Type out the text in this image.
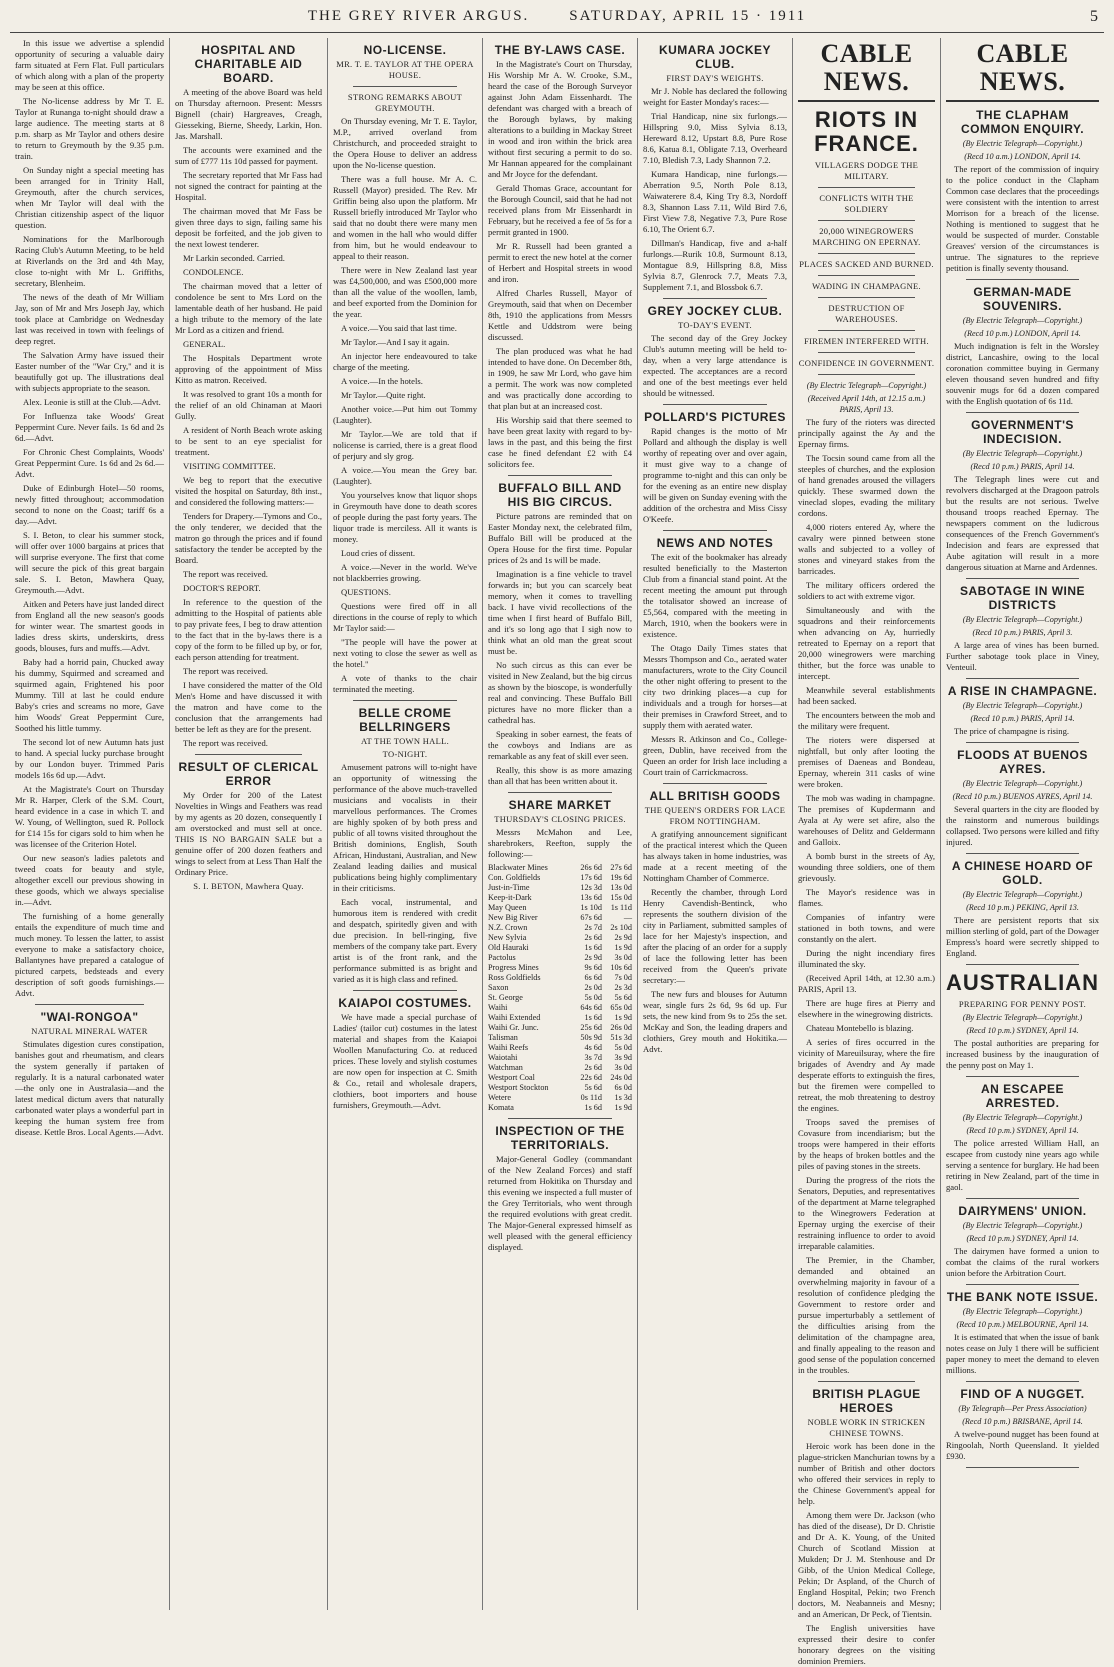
THE GREY RIVER ARGUS.	SATURDAY, APRIL 15 · 1911	5

In this issue we advertise a splendid opportunity of securing a valuable dairy farm situated at Fern Flat. Full particulars of which along with a plan of the property may be seen at this office.

The No-license address by Mr T. E. Taylor at Runanga to-night should draw a large audience. The meeting starts at 8 p.m. sharp as Mr Taylor and others desire to return to Greymouth by the 9.35 p.m. train.

On Sunday night a special meeting has been arranged for in Trinity Hall, Greymouth, after the church services, when Mr Taylor will deal with the Christian citizenship aspect of the liquor question.

Nominations for the Marlborough Racing Club's Autumn Meeting, to be held at Riverlands on the 3rd and 4th May, close to-night with Mr L. Griffiths, secretary, Blenheim.

The news of the death of Mr William Jay, son of Mr and Mrs Joseph Jay, which took place at Cambridge on Wednesday last was received in town with feelings of deep regret.

The Salvation Army have issued their Easter number of the "War Cry," and it is beautifully got up. The illustrations deal with subjects appropriate to the season.

Alex. Leonie is still at the Club.—Advt.

For Influenza take Woods' Great Peppermint Cure. Never fails. 1s 6d and 2s 6d.—Advt.

For Chronic Chest Complaints, Woods' Great Peppermint Cure. 1s 6d and 2s 6d.—Advt.

Duke of Edinburgh Hotel—50 rooms, newly fitted throughout; accommodation second to none on the Coast; tariff 6s a day.—Advt.

S. I. Beton, to clear his summer stock, will offer over 1000 bargains at prices that will surprise everyone. The first that come will secure the pick of this great bargain sale. S. I. Beton, Mawhera Quay, Greymouth.—Advt.

Aitken and Peters have just landed direct from England all the new season's goods for winter wear. The smartest goods in ladies dress skirts, underskirts, dress goods, blouses, furs and muffs.—Advt.

Baby had a horrid pain, Chucked away his dummy, Squirmed and screamed and squirmed again, Frightened his poor Mummy. Till at last he could endure Baby's cries and screams no more, Gave him Woods' Great Peppermint Cure, Soothed his little tummy.

The second lot of new Autumn hats just to hand. A special lucky purchase brought by our London buyer. Trimmed Paris models 16s 6d up.—Advt.

At the Magistrate's Court on Thursday Mr R. Harper, Clerk of the S.M. Court, heard evidence in a case in which T. and W. Young, of Wellington, sued R. Pollock for £14 15s for cigars sold to him when he was licensee of the Criterion Hotel.

Our new season's ladies paletots and tweed coats for beauty and style, altogether excell our previous showing in these goods, which we always specialise in.—Advt.

The furnishing of a home generally entails the expenditure of much time and much money. To lessen the latter, to assist everyone to make a satisfactory choice, Ballantynes have prepared a catalogue of pictured carpets, bedsteads and every description of soft goods furnishings.—Advt.

"WAI-RONGOA"
NATURAL MINERAL WATER

Stimulates digestion cures constipation, banishes gout and rheumatism, and clears the system generally if partaken of regularly. It is a natural carbonated water—the only one in Australasia—and the latest medical dictum avers that naturally carbonated water plays a wonderful part in keeping the human system free from disease. Kettle Bros. Local Agents.—Advt.

HOSPITAL AND CHARITABLE AID BOARD.

A meeting of the above Board was held on Thursday afternoon. Present: Messrs Bignell (chair) Hargreaves, Creagh, Giesseking, Bierne, Sheedy, Larkin, Hon. Jas. Marshall.

The accounts were examined and the sum of £777 11s 10d passed for payment.

The secretary reported that Mr Fass had not signed the contract for painting at the Hospital.

The chairman moved that Mr Fass be given three days to sign, failing same his deposit be forfeited, and the job given to the next lowest tenderer.

Mr Larkin seconded. Carried.

CONDOLENCE.

The chairman moved that a letter of condolence be sent to Mrs Lord on the lamentable death of her husband. He paid a high tribute to the memory of the late Mr Lord as a citizen and friend.

GENERAL.

The Hospitals Department wrote approving of the appointment of Miss Kitto as matron. Received.

It was resolved to grant 10s a month for the relief of an old Chinaman at Maori Gully.

A resident of North Beach wrote asking to be sent to an eye specialist for treatment.

VISITING COMMITTEE.

We beg to report that the executive visited the hospital on Saturday, 8th inst., and considered the following matters:—

Tenders for Drapery.—Tymons and Co., the only tenderer, we decided that the matron go through the prices and if found satisfactory the tender be accepted by the Board.

The report was received.

DOCTOR'S REPORT.

In reference to the question of the admitting to the Hospital of patients able to pay private fees, I beg to draw attention to the fact that in the by-laws there is a copy of the form to be filled up by, or for, each person attending for treatment.

The report was received.

I have considered the matter of the Old Men's Home and have discussed it with the matron and have come to the conclusion that the arrangements had better be left as they are for the present.

The report was received.

RESULT OF CLERICAL ERROR

My Order for 200 of the Latest Novelties in Wings and Feathers was read by my agents as 20 dozen, consequently I am overstocked and must sell at once. THIS IS NO BARGAIN SALE but a genuine offer of 200 dozen feathers and wings to select from at Less Than Half the Ordinary Price.

S. I. BETON, Mawhera Quay.
NO-LICENSE.
MR. T. E. TAYLOR AT THE OPERA HOUSE.
STRONG REMARKS ABOUT GREYMOUTH.

On Thursday evening, Mr T. E. Taylor, M.P., arrived overland from Christchurch, and proceeded straight to the Opera House to deliver an address upon the No-license question.

There was a full house. Mr A. C. Russell (Mayor) presided. The Rev. Mr Griffin being also upon the platform. Mr Russell briefly introduced Mr Taylor who said that no doubt there were many men and women in the hall who would differ from him, but he would endeavour to appeal to their reason.

There were in New Zealand last year was £4,500,000, and was £500,000 more than all the value of the woollen, lamb, and beef exported from the Dominion for the year.

A voice.—You said that last time.

Mr Taylor.—And I say it again.

An injector here endeavoured to take charge of the meeting.

A voice.—In the hotels.

Mr Taylor.—Quite right.

Another voice.—Put him out Tommy (Laughter).

Mr Taylor.—We are told that if nolicense is carried, there is a great flood of perjury and sly grog.

A voice.—You mean the Grey bar. (Laughter).

You yourselves know that liquor shops in Greymouth have done to death scores of people during the past forty years. The liquor trade is merciless. All it wants is money.

Loud cries of dissent.

A voice.—Never in the world. We've not blackberries growing.

QUESTIONS.

Questions were fired off in all directions in the course of reply to which Mr Taylor said:—

"The people will have the power at next voting to close the sewer as well as the hotel."

A vote of thanks to the chair terminated the meeting.

BELLE CROME BELLRINGERS
AT THE TOWN HALL.
TO-NIGHT.

Amusement patrons will to-night have an opportunity of witnessing the performance of the above much-travelled musicians and vocalists in their marvellous performances. The Cromes are highly spoken of by both press and public of all towns visited throughout the British dominions, English, South African, Hindustani, Australian, and New Zealand leading dailies and musical publications being highly complimentary in their criticisms.

Each vocal, instrumental, and humorous item is rendered with credit and despatch, spiritedly given and with due precision. In bell-ringing, five members of the company take part. Every artist is of the front rank, and the performance submitted is as bright and varied as it is high class and refined.

KAIAPOI COSTUMES.

We have made a special purchase of Ladies' (tailor cut) costumes in the latest material and shapes from the Kaiapoi Woollen Manufacturing Co. at reduced prices. These lovely and stylish costumes are now open for inspection at C. Smith & Co., retail and wholesale drapers, clothiers, boot importers and house furnishers, Greymouth.—Advt.

THE BY-LAWS CASE.

In the Magistrate's Court on Thursday, His Worship Mr A. W. Crooke, S.M., heard the case of the Borough Surveyor against John Adam Eissenhardt. The defendant was charged with a breach of the Borough bylaws, by making alterations to a building in Mackay Street in wood and iron within the brick area without first securing a permit to do so. Mr Hannan appeared for the complainant and Mr Joyce for the defendant.

Gerald Thomas Grace, accountant for the Borough Council, said that he had not received plans from Mr Eissenhardt in February, but he received a fee of 5s for a permit granted in 1900.

Mr R. Russell had been granted a permit to erect the new hotel at the corner of Herbert and Hospital streets in wood and iron.

Alfred Charles Russell, Mayor of Greymouth, said that when on December 8th, 1910 the applications from Messrs Kettle and Uddstrom were being discussed.

The plan produced was what he had intended to have done. On December 8th, in 1909, he saw Mr Lord, who gave him a permit. The work was now completed and was practically done according to that plan but at an increased cost.

His Worship said that there seemed to have been great laxity with regard to by-laws in the past, and this being the first case he fined defendant £2 with £4 solicitors fee.

BUFFALO BILL AND HIS BIG CIRCUS.

Picture patrons are reminded that on Easter Monday next, the celebrated film, Buffalo Bill will be produced at the Opera House for the first time. Popular prices of 2s and 1s will be made.

Imagination is a fine vehicle to travel forwards in; but you can scarcely beat memory, when it comes to travelling back. I have vivid recollections of the time when I first heard of Buffalo Bill, and it's so long ago that I sigh now to think what an old man the great scout must be.

No such circus as this can ever be visited in New Zealand, but the big circus as shown by the bioscope, is wonderfully real and convincing. These Buffalo Bill pictures have no more flicker than a cathedral has.

Speaking in sober earnest, the feats of the cowboys and Indians are as remarkable as any feat of skill ever seen.

Really, this show is as more amazing than all that has been written about it.

SHARE MARKET
THURSDAY'S CLOSING PRICES.

Messrs McMahon and Lee, sharebrokers, Reefton, supply the following:—

Blackwater Mines	26s 6d	27s 6d
Con. Goldfields	17s 6d	19s 6d
Just-in-Time	12s 3d	13s 0d
Keep-it-Dark	13s 6d	15s 0d
May Queen	1s 10d	1s 11d
New Big River	67s 6d	—
N.Z. Crown	2s 7d	2s 10d
New Sylvia	2s 6d	2s 9d
Old Hauraki	1s 6d	1s 9d
Pactolus	2s 9d	3s 0d
Progress Mines	9s 6d	10s 6d
Ross Goldfields	6s 6d	7s 0d
Saxon	2s 0d	2s 3d
St. George	5s 0d	5s 6d
Waihi	64s 6d	65s 0d
Waihi Extended	1s 6d	1s 9d
Waihi Gr. Junc.	25s 6d	26s 0d
Talisman	50s 9d	51s 3d
Waihi Reefs	4s 6d	5s 0d
Waiotahi	3s 7d	3s 9d
Watchman	2s 6d	3s 0d
Westport Coal	22s 6d	24s 0d
Westport Stockton	5s 6d	6s 0d
Wetere	0s 11d	1s 3d
Komata	1s 6d	1s 9d
INSPECTION OF THE TERRITORIALS.

Major-General Godley (commandant of the New Zealand Forces) and staff returned from Hokitika on Thursday and this evening we inspected a full muster of the Grey Territorials, who went through the required evolutions with great credit. The Major-General expressed himself as well pleased with the general efficiency displayed.

KUMARA JOCKEY CLUB.
FIRST DAY'S WEIGHTS.

Mr J. Noble has declared the following weight for Easter Monday's races:—

Trial Handicap, nine six furlongs.—Hillspring 9.0, Miss Sylvia 8.13, Hereward 8.12, Upstart 8.8, Pure Rose 8.6, Katua 8.1, Obligate 7.13, Overheard 7.10, Bledish 7.3, Lady Shannon 7.2.

Kumara Handicap, nine furlongs.—Aberration 9.5, North Pole 8.13, Waiwaterere 8.4, King Try 8.3, Nordoff 8.3, Shannon Lass 7.11, Wild Bird 7.6, First View 7.8, Negative 7.3, Pure Rose 6.10, The Orient 6.7.

Dillman's Handicap, five and a-half furlongs.—Rurik 10.8, Surmount 8.13, Montague 8.9, Hillspring 8.8, Miss Sylvia 8.7, Glenrock 7.7, Meats 7.3, Supplement 7.1, and Blossbok 6.7.

GREY JOCKEY CLUB.
TO-DAY'S EVENT.

The second day of the Grey Jockey Club's autumn meeting will be held to-day, when a very large attendance is expected. The acceptances are a record and one of the best meetings ever held should be witnessed.

POLLARD'S PICTURES

Rapid changes is the motto of Mr Pollard and although the display is well worthy of repeating over and over again, it must give way to a change of programme to-night and this can only be for the evening as an entire new display will be given on Sunday evening with the addition of the orchestra and Miss Cissy O'Keefe.

NEWS AND NOTES

The exit of the bookmaker has already resulted beneficially to the Masterton Club from a financial stand point. At the recent meeting the amount put through the totalisator showed an increase of £5,564, compared with the meeting in March, 1910, when the bookers were in existence.

The Otago Daily Times states that Messrs Thompson and Co., aerated water manufacturers, wrote to the City Council the other night offering to present to the city two drinking places—a cup for individuals and a trough for horses—at their premises in Crawford Street, and to supply them with aerated water.

Messrs R. Atkinson and Co., College-green, Dublin, have received from the Queen an order for Irish lace including a Court train of Carrickmacross.

ALL BRITISH GOODS
THE QUEEN'S ORDERS FOR LACE FROM NOTTINGHAM.

A gratifying announcement significant of the practical interest which the Queen has always taken in home industries, was made at a recent meeting of the Nottingham Chamber of Commerce.

Recently the chamber, through Lord Henry Cavendish-Bentinck, who represents the southern division of the city in Parliament, submitted samples of lace for her Majesty's inspection, and after the placing of an order for a supply of lace the following letter has been received from the Queen's private secretary:—

The new furs and blouses for Autumn wear, single furs 2s 6d, 9s 6d up. Fur sets, the new kind from 9s to 25s the set. McKay and Son, the leading drapers and clothiers, Grey mouth and Hokitika.—Advt.

CABLE NEWS.
RIOTS IN FRANCE.
VILLAGERS DODGE THE MILITARY.
CONFLICTS WITH THE SOLDIERY
20,000 WINEGROWERS MARCHING ON EPERNAY.
PLACES SACKED AND BURNED.
WADING IN CHAMPAGNE.
DESTRUCTION OF WAREHOUSES.
FIREMEN INTERFERED WITH.
CONFIDENCE IN GOVERNMENT.
(By Electric Telegraph—Copyright.)
(Received April 14th, at 12.15 a.m.) PARIS, April 13.

The fury of the rioters was directed principally against the Ay and the Epernay firms.

The Tocsin sound came from all the steeples of churches, and the explosion of hand grenades aroused the villagers quickly. These swarmed down the vineclad slopes, evading the military cordons.

4,000 rioters entered Ay, where the cavalry were pinned between stone walls and subjected to a volley of stones and vineyard stakes from the barricades.

The military officers ordered the soldiers to act with extreme vigor.

Simultaneously and with the squadrons and their reinforcements when advancing on Ay, hurriedly retreated to Epernay on a report that 20,000 winegrowers were marching thither, but the force was unable to intercept.

Meanwhile several establishments had been sacked.

The encounters between the mob and the military were frequent.

The rioters were dispersed at nightfall, but only after looting the premises of Daeneas and Bondeau, Epernay, wherein 311 casks of wine were broken.

The mob was wading in champagne. The premises of Kupdermann and Ayala at Ay were set afire, also the warehouses of Delitz and Geldermann and Galloix.

A bomb burst in the streets of Ay, wounding three soldiers, one of them grievously.

The Mayor's residence was in flames.

Companies of infantry were stationed in both towns, and were constantly on the alert.

During the night incendiary fires illuminated the sky.

(Received April 14th, at 12.30 a.m.) PARIS, April 13.

There are huge fires at Pierry and elsewhere in the winegrowing districts.

Chateau Montebello is blazing.

A series of fires occurred in the vicinity of Mareuilsuray, where the fire brigades of Avendry and Ay made desperate efforts to extinguish the fires, but the firemen were compelled to retreat, the mob threatening to destroy the engines.

Troops saved the premises of Covasure from incendiarism; but the troops were hampered in their efforts by the heaps of broken bottles and the piles of paving stones in the streets.

During the progress of the riots the Senators, Deputies, and representatives of the department at Marne telegraphed to the Winegrowers Federation at Epernay urging the exercise of their restraining influence to order to avoid irreparable calamities.

The Premier, in the Chamber, demanded and obtained an overwhelming majority in favour of a resolution of confidence pledging the Government to restore order and pursue imperturbably a settlement of the difficulties arising from the delimitation of the champagne area, and finally appealing to the reason and good sense of the population concerned in the troubles.

BRITISH PLAGUE HEROES
NOBLE WORK IN STRICKEN CHINESE TOWNS.

Heroic work has been done in the plague-stricken Manchurian towns by a number of British and other doctors who offered their services in reply to the Chinese Government's appeal for help.

Among them were Dr. Jackson (who has died of the disease), Dr D. Christie and Dr A. K. Young, of the United Church of Scotland Mission at Mukden; Dr J. M. Stenhouse and Dr Gibb, of the Union Medical College, Pekin; Dr Aspland, of the Church of England Hospital, Pekin; two French doctors, M. Neabanneis and Mesny; and an American, Dr Peck, of Tientsin.

The English universities have expressed their desire to confer honorary degrees on the visiting dominion Premiers.

CABLE NEWS.
THE CLAPHAM COMMON ENQUIRY.
(By Electric Telegraph—Copyright.)
(Recd 10 a.m.) LONDON, April 14.

The report of the commission of inquiry to the police conduct in the Clapham Common case declares that the proceedings were consistent with the intention to arrest Morrison for a breach of the license. Nothing is mentioned to suggest that he would be suspected of murder. Constable Greaves' version of the circumstances is untrue. The signatures to the reprieve petition is finally seventy thousand.

GERMAN-MADE SOUVENIRS.
(By Electric Telegraph—Copyright.)
(Recd 10 p.m.) LONDON, April 14.

Much indignation is felt in the Worsley district, Lancashire, owing to the local coronation committee buying in Germany eleven thousand seven hundred and fifty souvenir mugs for 6d a dozen compared with the English quotation of 6s 11d.

GOVERNMENT'S INDECISION.
(By Electric Telegraph—Copyright.)
(Recd 10 p.m.) PARIS, April 14.

The Telegraph lines were cut and revolvers discharged at the Dragoon patrols but the results are not serious. Twelve thousand troops reached Epernay. The newspapers comment on the ludicrous consequences of the French Government's Indecision and fears are expressed that Aube agitation will result in a more dangerous situation at Marne and Ardennes.

SABOTAGE IN WINE DISTRICTS
(By Electric Telegraph—Copyright.)
(Recd 10 p.m.) PARIS, April 3.

A large area of vines has been burned. Further sabotage took place in Viney, Venteuil.

A RISE IN CHAMPAGNE.
(By Electric Telegraph—Copyright.)
(Recd 10 p.m.) PARIS, April 14.

The price of champagne is rising.

FLOODS AT BUENOS AYRES.
(By Electric Telegraph—Copyright.)
(Recd 10 p.m.) BUENOS AYRES, April 14.

Several quarters in the city are flooded by the rainstorm and numerous buildings collapsed. Two persons were killed and fifty injured.

A CHINESE HOARD OF GOLD.
(By Electric Telegraph—Copyright.)
(Recd 10 p.m.) PEKING, April 13.

There are persistent reports that six million sterling of gold, part of the Dowager Empress's hoard were secretly shipped to England.

AUSTRALIAN
PREPARING FOR PENNY POST.
(By Electric Telegraph—Copyright.)
(Recd 10 p.m.) SYDNEY, April 14.

The postal authorities are preparing for increased business by the inauguration of the penny post on May 1.

AN ESCAPEE ARRESTED.
(By Electric Telegraph—Copyright.)
(Recd 10 p.m.) SYDNEY, April 14.

The police arrested William Hall, an escapee from custody nine years ago while serving a sentence for burglary. He had been retiring in New Zealand, part of the time in gaol.

DAIRYMENS' UNION.
(By Electric Telegraph—Copyright.)
(Recd 10 p.m.) SYDNEY, April 14.

The dairymen have formed a union to combat the claims of the rural workers union before the Arbitration Court.

THE BANK NOTE ISSUE.
(By Electric Telegraph—Copyright.)
(Recd 10 p.m.) MELBOURNE, April 14.

It is estimated that when the issue of bank notes cease on July 1 there will be sufficient paper money to meet the demand to eleven millions.

FIND OF A NUGGET.
(By Telegraph—Per Press Association)
(Recd 10 p.m.) BRISBANE, April 14.

A twelve-pound nugget has been found at Ringoolah, North Queensland. It yielded £930.
